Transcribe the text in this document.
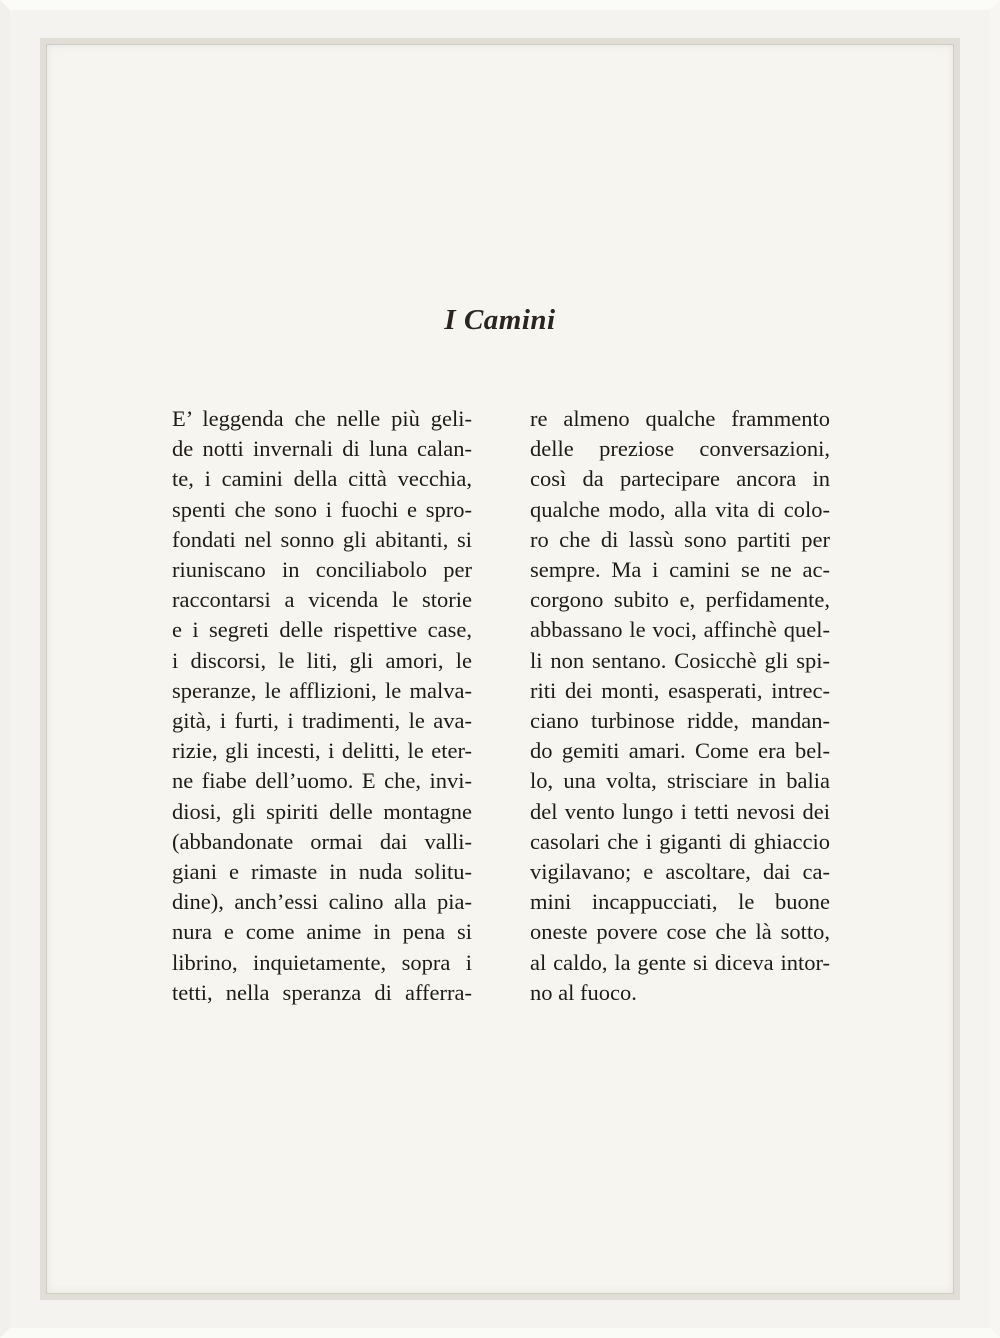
I Camini
E’ leggenda che nelle più geli-
de notti invernali di luna calan-
te, i camini della città vecchia,
spenti che sono i fuochi e spro-
fondati nel sonno gli abitanti, si
riuniscano in conciliabolo per
raccontarsi a vicenda le storie
e i segreti delle rispettive case,
i discorsi, le liti, gli amori, le
speranze, le afflizioni, le malva-
gità, i furti, i tradimenti, le ava-
rizie, gli incesti, i delitti, le eter-
ne fiabe dell’uomo. E che, invi-
diosi, gli spiriti delle montagne
(abbandonate ormai dai valli-
giani e rimaste in nuda solitu-
dine), anch’essi calino alla pia-
nura e come anime in pena si
librino, inquietamente, sopra i
tetti, nella speranza di afferra-
re almeno qualche frammento
delle preziose conversazioni,
così da partecipare ancora in
qualche modo, alla vita di colo-
ro che di lassù sono partiti per
sempre. Ma i camini se ne ac-
corgono subito e, perfidamente,
abbassano le voci, affinchè quel-
li non sentano. Cosicchè gli spi-
riti dei monti, esasperati, intrec-
ciano turbinose ridde, mandan-
do gemiti amari. Come era bel-
lo, una volta, strisciare in balia
del vento lungo i tetti nevosi dei
casolari che i giganti di ghiaccio
vigilavano; e ascoltare, dai ca-
mini incappucciati, le buone
oneste povere cose che là sotto,
al caldo, la gente si diceva intor-
no al fuoco.
